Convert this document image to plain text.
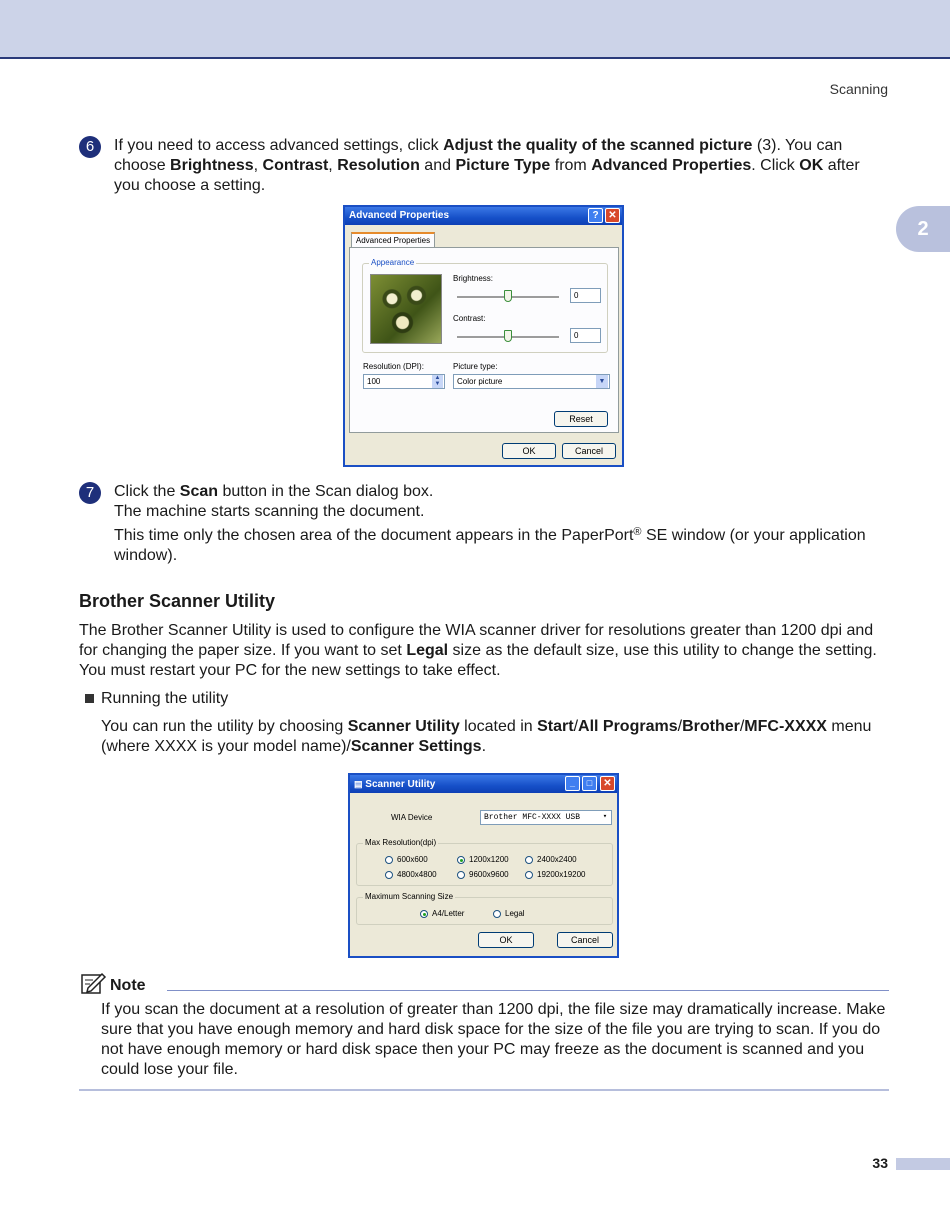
Scanning
2
6	If you need to access advanced settings, click Adjust the quality of the scanned picture (3). You can choose Brightness, Contrast, Resolution and Picture Type from Advanced Properties. Click OK after you choose a setting.
Advanced Properties	? ✕
Advanced Properties
Appearance
Brightness:
0
Contrast:
0
Resolution (DPI):
100	▲
▼
Picture type:
Color picture	▼
Reset
OK	Cancel
7	Click the Scan button in the Scan dialog box.

The machine starts scanning the document.

This time only the chosen area of the document appears in the PaperPort® SE window (or your application window).

Brother Scanner Utility
The Brother Scanner Utility is used to configure the WIA scanner driver for resolutions greater than 1200 dpi and for changing the paper size. If you want to set Legal size as the default size, use this utility to change the setting. You must restart your PC for the new settings to take effect.
Running the utility
You can run the utility by choosing Scanner Utility located in Start/All Programs/Brother/MFC-XXXX menu (where XXXX is your model name)/Scanner Settings.
▤ Scanner Utility	_	□	✕
WIA Device	Brother MFC-XXXX USB	▾
Max Resolution(dpi)
600x600	1200x1200	2400x2400
4800x4800	9600x9600	19200x19200
Maximum Scanning Size
A4/Letter	Legal
OK	Cancel
Note
If you scan the document at a resolution of greater than 1200 dpi, the file size may dramatically increase. Make sure that you have enough memory and hard disk space for the size of the file you are trying to scan. If you do not have enough memory or hard disk space then your PC may freeze as the document is scanned and you could lose your file.
33
